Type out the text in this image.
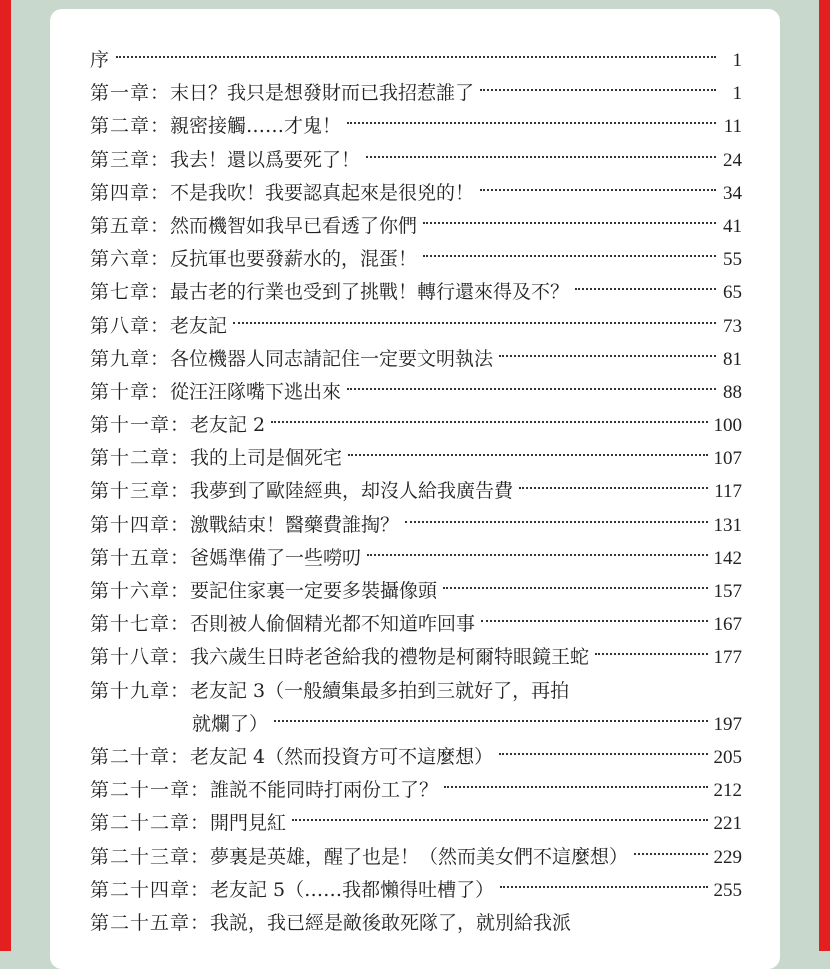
序	1
第一章： 末日？我只是想發財而已我招惹誰了	1
第二章： 親密接觸……才鬼！	11
第三章： 我去！還以爲要死了！	24
第四章： 不是我吹！我要認真起來是很兇的！	34
第五章： 然而機智如我早已看透了你們	41
第六章： 反抗軍也要發薪水的，混蛋！	55
第七章： 最古老的行業也受到了挑戰！轉行還來得及不？	65
第八章： 老友記	73
第九章： 各位機器人同志請記住一定要文明執法	81
第十章： 從汪汪隊嘴下逃出來	88
第十一章： 老友記 2	100
第十二章： 我的上司是個死宅	107
第十三章： 我夢到了歐陸經典，却沒人給我廣告費	117
第十四章： 激戰結束！醫藥費誰掏？	131
第十五章： 爸媽準備了一些嘮叨	142
第十六章： 要記住家裏一定要多裝攝像頭	157
第十七章： 否則被人偷個精光都不知道咋回事	167
第十八章： 我六歲生日時老爸給我的禮物是柯爾特眼鏡王蛇	177
第十九章： 老友記 3（一般續集最多拍到三就好了，再拍
就爛了）	197
第二十章： 老友記 4（然而投資方可不這麼想）	205
第二十一章： 誰説不能同時打兩份工了？	212
第二十二章： 開門見紅	221
第二十三章： 夢裏是英雄，醒了也是！（然而美女們不這麼想）	229
第二十四章： 老友記 5（……我都懶得吐槽了）	255
第二十五章： 我説，我已經是敵後敢死隊了，就別給我派
